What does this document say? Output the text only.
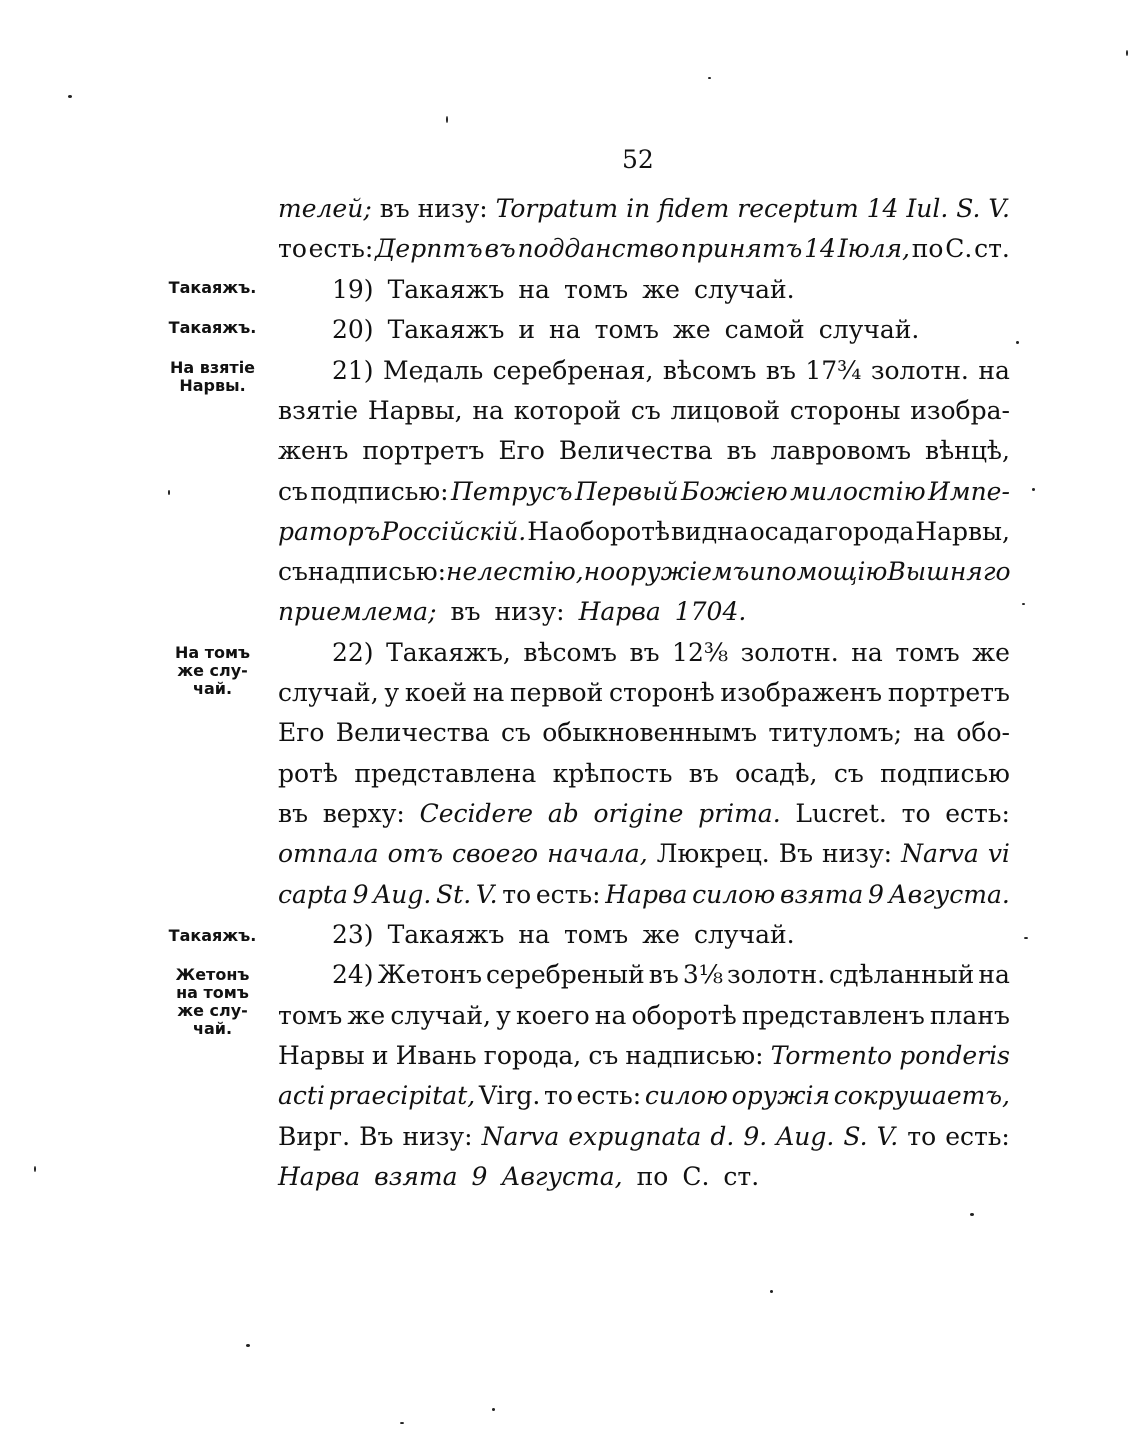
52
Такаяжъ.
Такаяжъ.
На взятіе
Нарвы.
На томъ
же слу-
чай.
Такаяжъ.
Жетонъ
на томъ
же слу-
чай.
телей; въ низу: Torpatum in fidem receptum 14 Iul. S. V.
то есть: Дерптъ въ подданство принятъ 14 Іюля, по С. ст.
19) Такаяжъ на томъ же случай.
20) Такаяжъ и на томъ же самой случай.
21) Медаль серебреная, вѣсомъ въ 17¾ золотн. на
взятіе Нарвы, на которой съ лицовой стороны изобра-
женъ портретъ Его Величества въ лавровомъ вѣнцѣ,
съ подписью: Петрусъ Первый Божіею милостію Импе-
раторъ Россійскій. На оборотѣ видна осада города Нарвы,
съ надписью: не лестію, но оружіемъ и помощію Вышняго
приемлема; въ низу: Нарва 1704.
22) Такаяжъ, вѣсомъ въ 12⅜ золотн. на томъ же
случай, у коей на первой сторонѣ изображенъ портретъ
Его Величества съ обыкновеннымъ титуломъ; на обо-
ротѣ представлена крѣпость въ осадѣ, съ подписью
въ верху: Cecidere ab origine prima. Lucret. то есть:
отпала отъ своего начала, Люкрец. Въ низу: Narva vi
capta 9 Aug. St. V. то есть: Нарва силою взята 9 Августа.
23) Такаяжъ на томъ же случай.
24) Жетонъ серебреный въ 3⅛ золотн. сдѣланный на
томъ же случай, у коего на оборотѣ представленъ планъ
Нарвы и Ивань города, съ надписью: Tormento ponderis
acti praecipitat, Virg. то есть: силою оружія сокрушаетъ,
Вирг. Въ низу: Narva expugnata d. 9. Aug. S. V. то есть:
Нарва взята 9 Августа, по С. ст.
